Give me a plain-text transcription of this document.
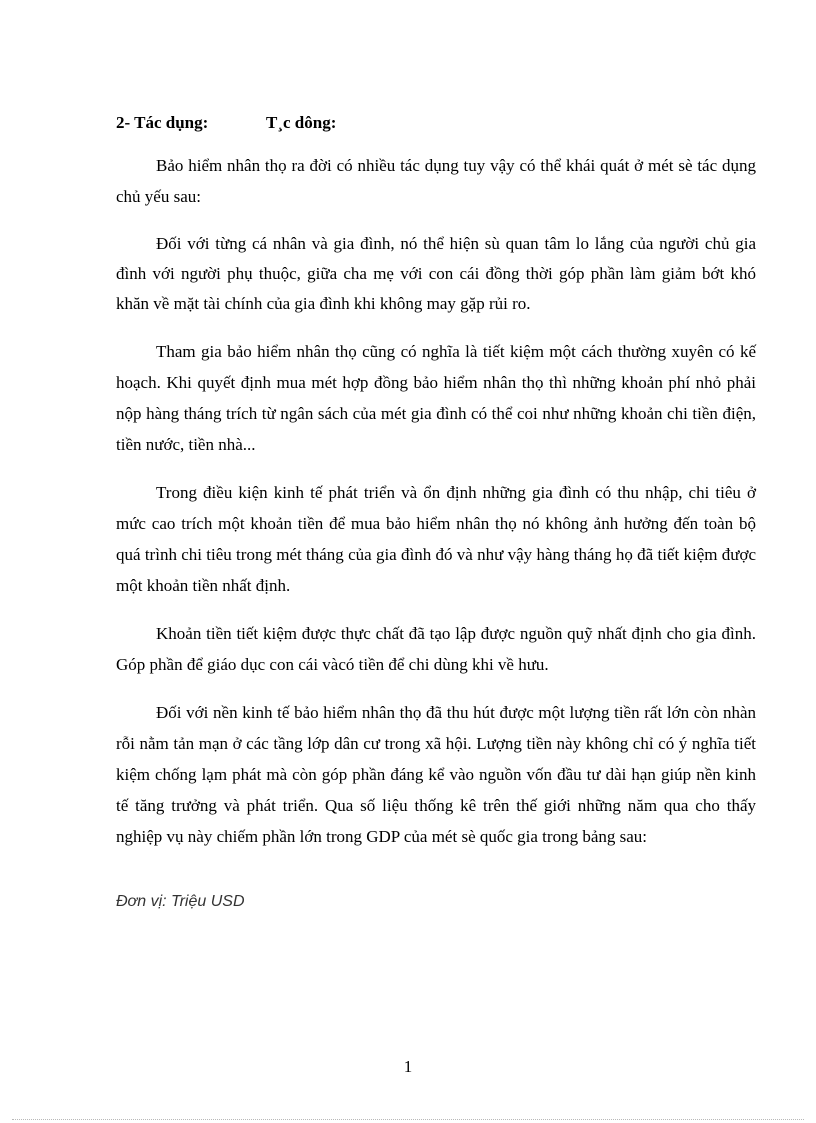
2- Tác dụng:	T¸c dông:

Bảo hiểm nhân thọ ra đời có nhiều tác dụng tuy vậy có thể khái quát ở mét sè tác dụng chủ yếu sau:

Đối với từng cá nhân và gia đình, nó thể hiện sù quan tâm lo lắng của người chủ gia đình với người phụ thuộc, giữa cha mẹ với con cái đồng thời góp phần làm giảm bớt khó khăn về mặt tài chính của gia đình khi không may gặp rủi ro.

Tham gia bảo hiểm nhân thọ cũng có nghĩa là tiết kiệm một cách thường xuyên có kế hoạch. Khi quyết định mua mét hợp đồng bảo hiểm nhân thọ thì những khoản phí nhỏ phải nộp hàng tháng trích từ ngân sách của mét gia đình có thể coi như những khoản chi tiền điện, tiền nước, tiền nhà...

Trong điều kiện kinh tế phát triển và ổn định những gia đình có thu nhập, chi tiêu ở mức cao trích một khoản tiền để mua bảo hiểm nhân thọ nó không ảnh hưởng đến toàn bộ quá trình chi tiêu trong mét tháng của gia đình đó và như vậy hàng tháng họ đã tiết kiệm được một khoản tiền nhất định.

Khoản tiền tiết kiệm được thực chất đã tạo lập được nguồn quỹ nhất định cho gia đình. Góp phần để giáo dục con cái vàcó tiền để chi dùng khi về hưu.

Đối với nền kinh tế bảo hiểm nhân thọ đã thu hút được một lượng tiền rất lớn còn nhàn rỗi nằm tản mạn ở các tầng lớp dân cư trong xã hội. Lượng tiền này không chỉ có ý nghĩa tiết kiệm chống lạm phát mà còn góp phần đáng kể vào nguồn vốn đầu tư dài hạn giúp nền kinh tế tăng trưởng và phát triển. Qua số liệu thống kê trên thế giới những năm qua cho thấy nghiệp vụ này chiếm phần lớn trong GDP của mét sè quốc gia trong bảng sau:

Đơn vị: Triệu USD
1
